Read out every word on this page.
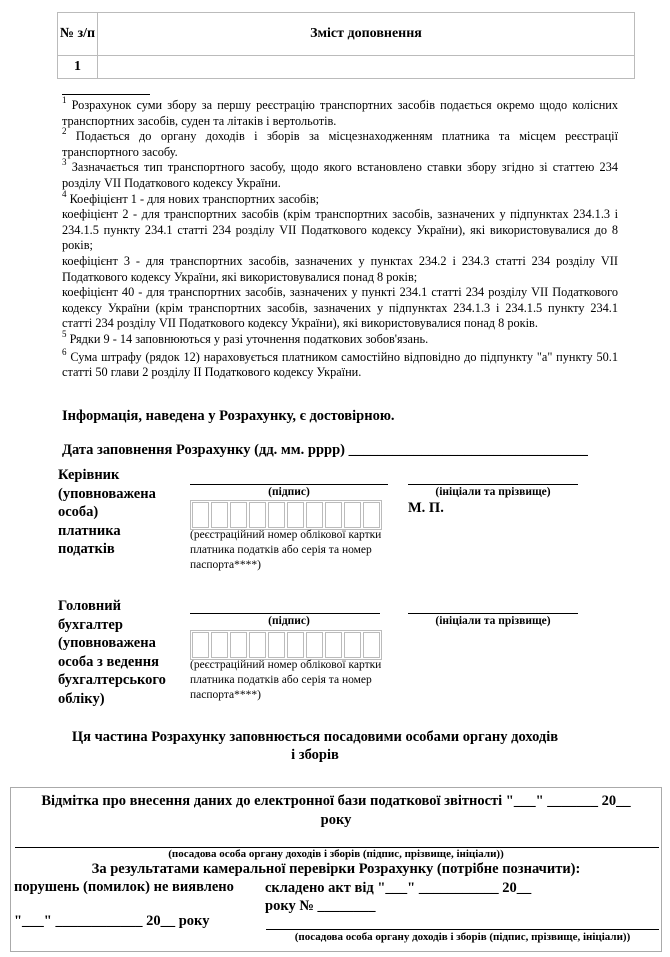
№ з/п	Зміст доповнення
1	

$^1$ Розрахунок суми збору за першу реєстрацію транспортних засобів подається окремо щодо колісних транспортних засобів, суден та літаків і вертольотів.

$^2$ Подається до органу доходів і зборів за місцезнаходженням платника та місцем реєстрації транспортного засобу.

$^3$ Зазначається тип транспортного засобу, щодо якого встановлено ставки збору згідно зі статтею 234 розділу VII Податкового кодексу України.

$^4$ Коефіцієнт 1 - для нових транспортних засобів;

коефіцієнт 2 - для транспортних засобів (крім транспортних засобів, зазначених у підпунктах 234.1.3 і 234.1.5 пункту 234.1 статті 234 розділу VII Податкового кодексу України), які використовувалися до 8 років;

коефіцієнт 3 - для транспортних засобів, зазначених у пунктах 234.2 і 234.3 статті 234 розділу VII Податкового кодексу України, які використовувалися понад 8 років;

коефіцієнт 40 - для транспортних засобів, зазначених у пункті 234.1 статті 234 розділу VII Податкового кодексу України (крім транспортних засобів, зазначених у підпунктах 234.1.3 і 234.1.5 пункту 234.1 статті 234 розділу VII Податкового кодексу України), які використовувалися понад 8 років.

$^5$ Рядки 9 - 14 заповнюються у разі уточнення податкових зобов'язань.

$^6$ Сума штрафу (рядок 12) нараховується платником самостійно відповідно до підпункту "а" пункту 50.1 статті 50 глави 2 розділу II Податкового кодексу України.

Інформація, наведена у Розрахунку, є достовірною.
Дата заповнення Розрахунку (дд. мм. рррр) _________________________________
Керівник
(уповноважена
особа)
платника
податків
(підпис)
(реєстраційний номер облікової картки платника податків або серія та номер паспорта****)
(ініціали та прізвище)
М. П.
Головний
бухгалтер
(уповноважена
особа з ведення
бухгалтерського
обліку)
(підпис)
(реєстраційний номер облікової картки платника податків або серія та номер паспорта****)
(ініціали та прізвище)
Ця частина Розрахунку заповнюється посадовими особами органу доходів
і зборів
Відмітка про внесення даних до електронної бази податкової звітності "___" _______ 20__ року
(посадова особа органу доходів і зборів (підпис, прізвище, ініціали))
За результатами камеральної перевірки Розрахунку (потрібне позначити):
порушень (помилок) не виявлено складено акт від "___" ___________ 20__ року № ________
"___" ____________ 20__ року
(посадова особа органу доходів і зборів (підпис, прізвище, ініціали))
